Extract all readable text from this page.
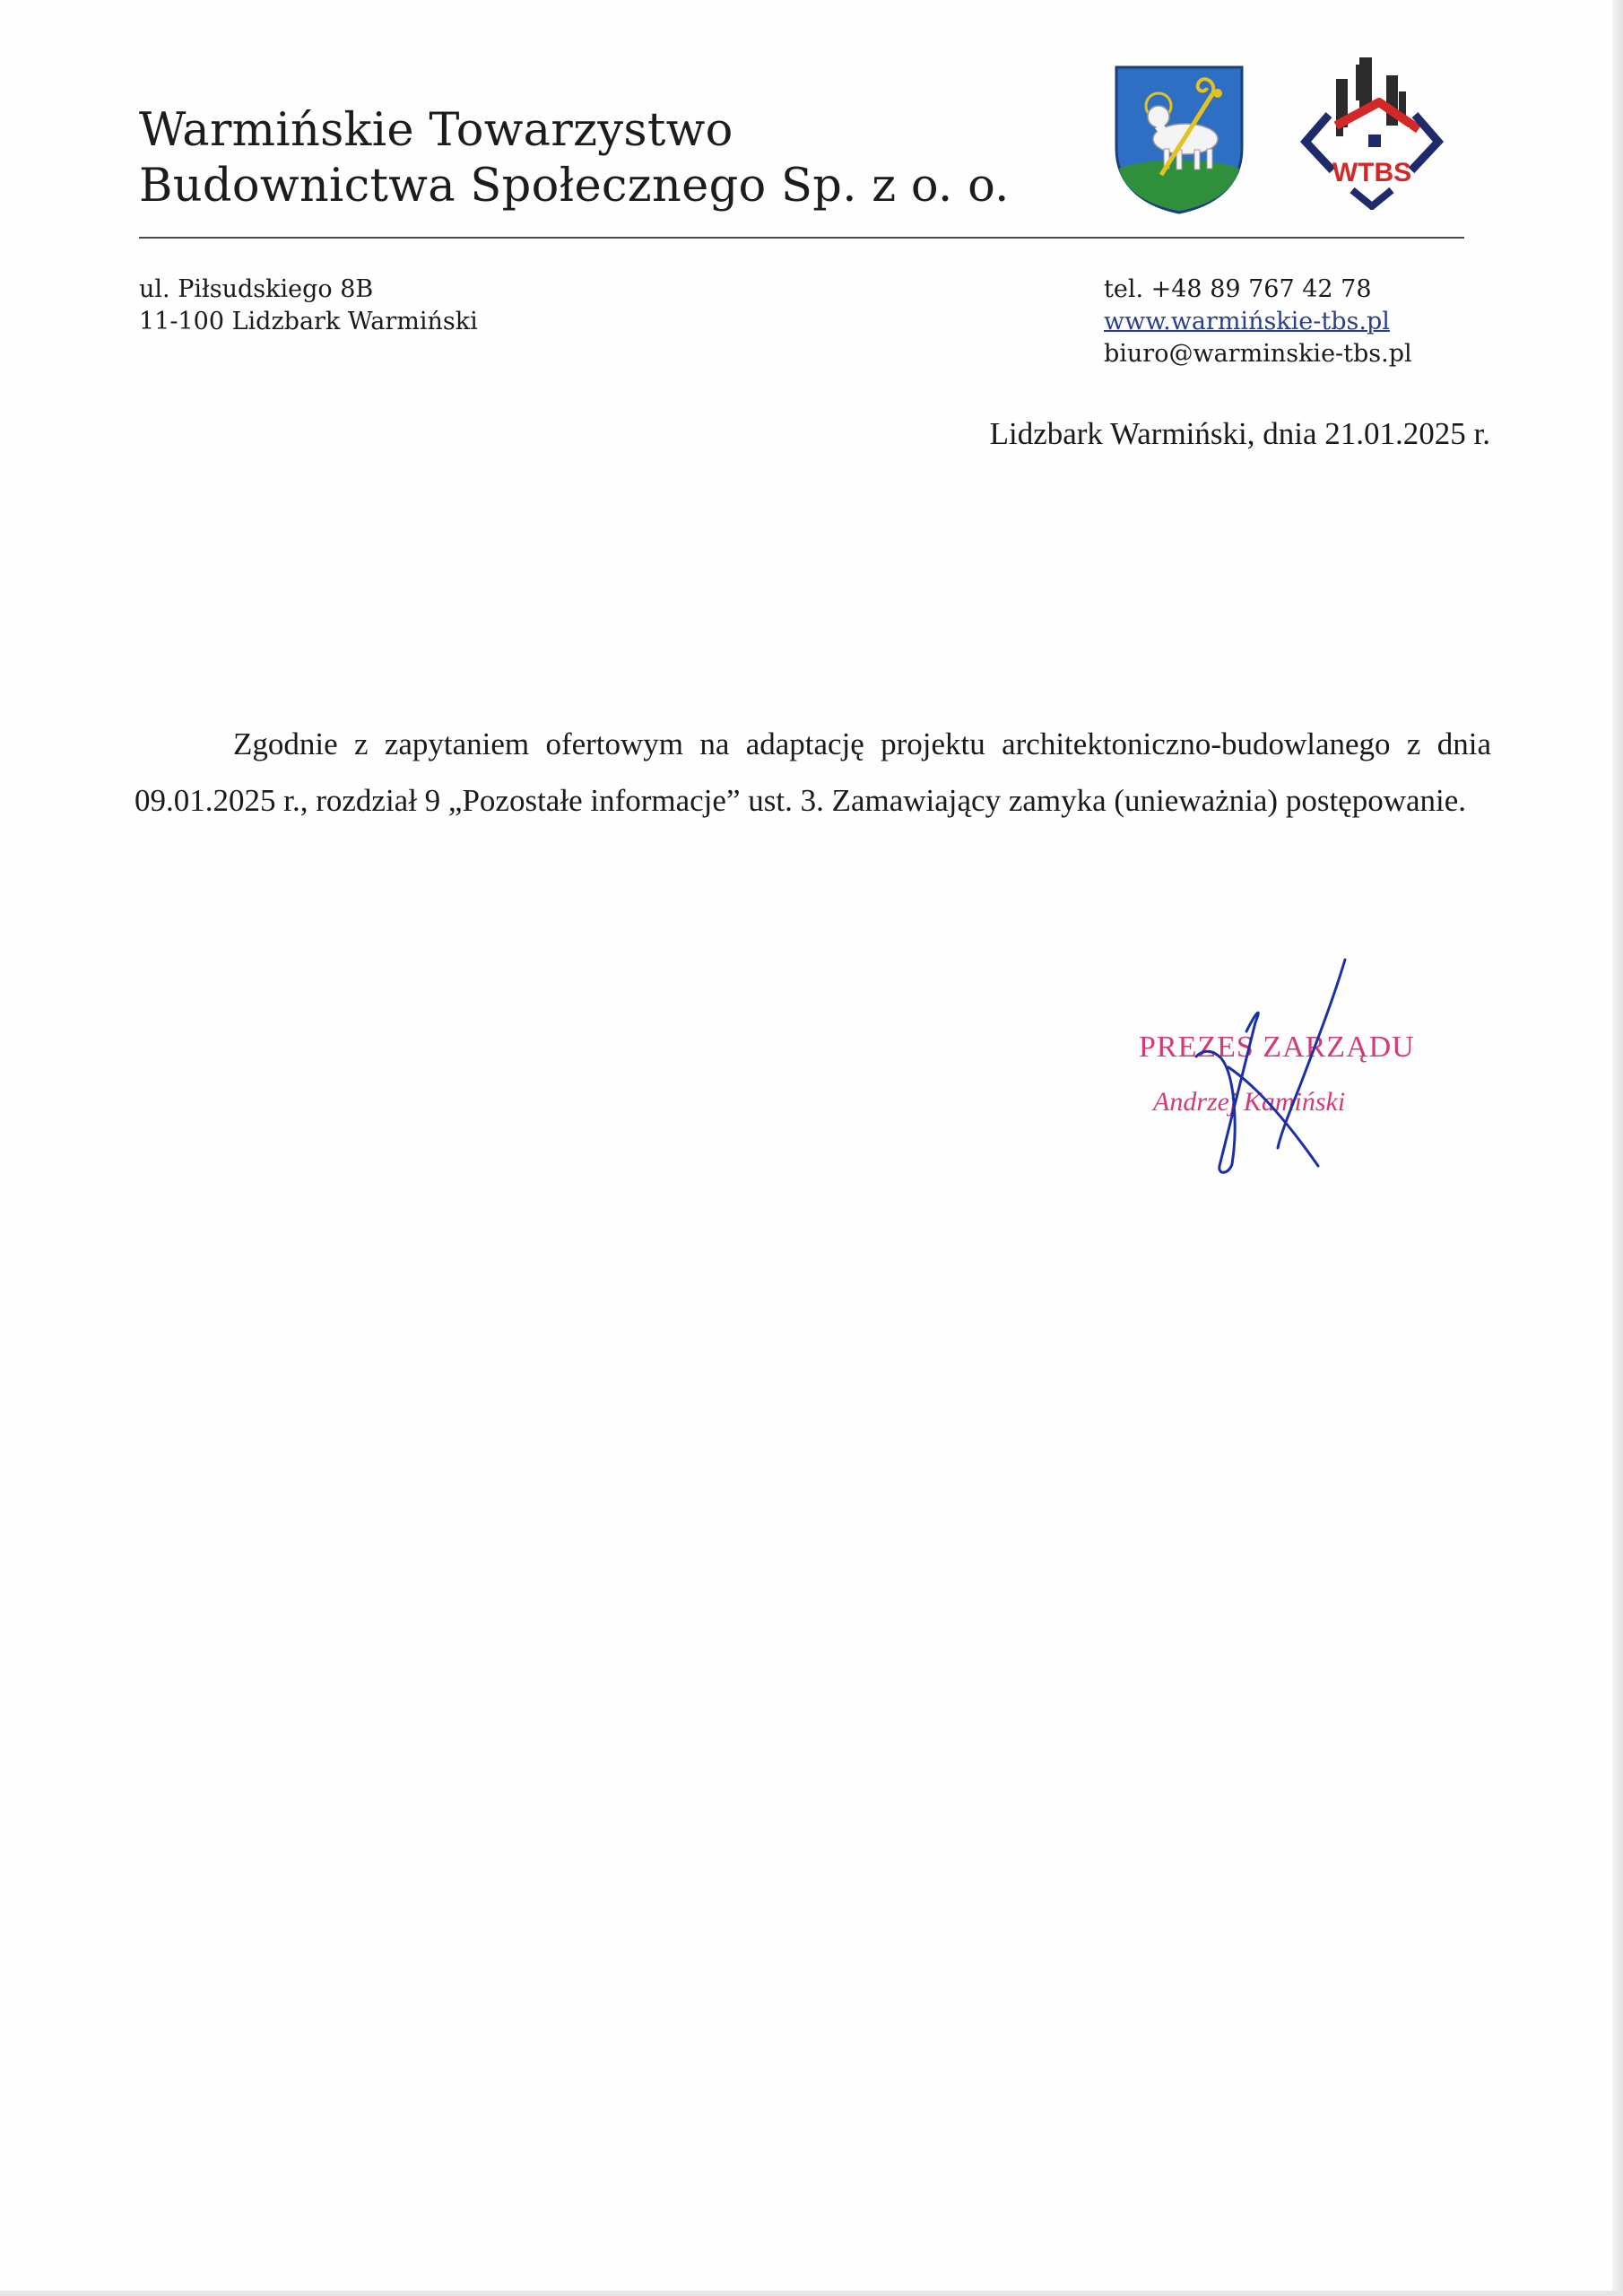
Warmińskie Towarzystwo
Budownictwa Społecznego Sp. z o. o.	WTBS
ul. Piłsudskiego 8B
11-100 Lidzbark Warmiński
tel. +48 89 767 42 78
www.warmińskie-tbs.pl
biuro@warminskie-tbs.pl
Lidzbark Warmiński, dnia 21.01.2025 r.
Zgodnie z zapytaniem ofertowym na adaptację projektu architektoniczno-budowlanego z dnia 09.01.2025 r., rozdział 9 „Pozostałe informacje” ust. 3. Zamawiający zamyka (unieważnia) postępowanie.
PREZES ZARZĄDU
Andrzej Kamiński
